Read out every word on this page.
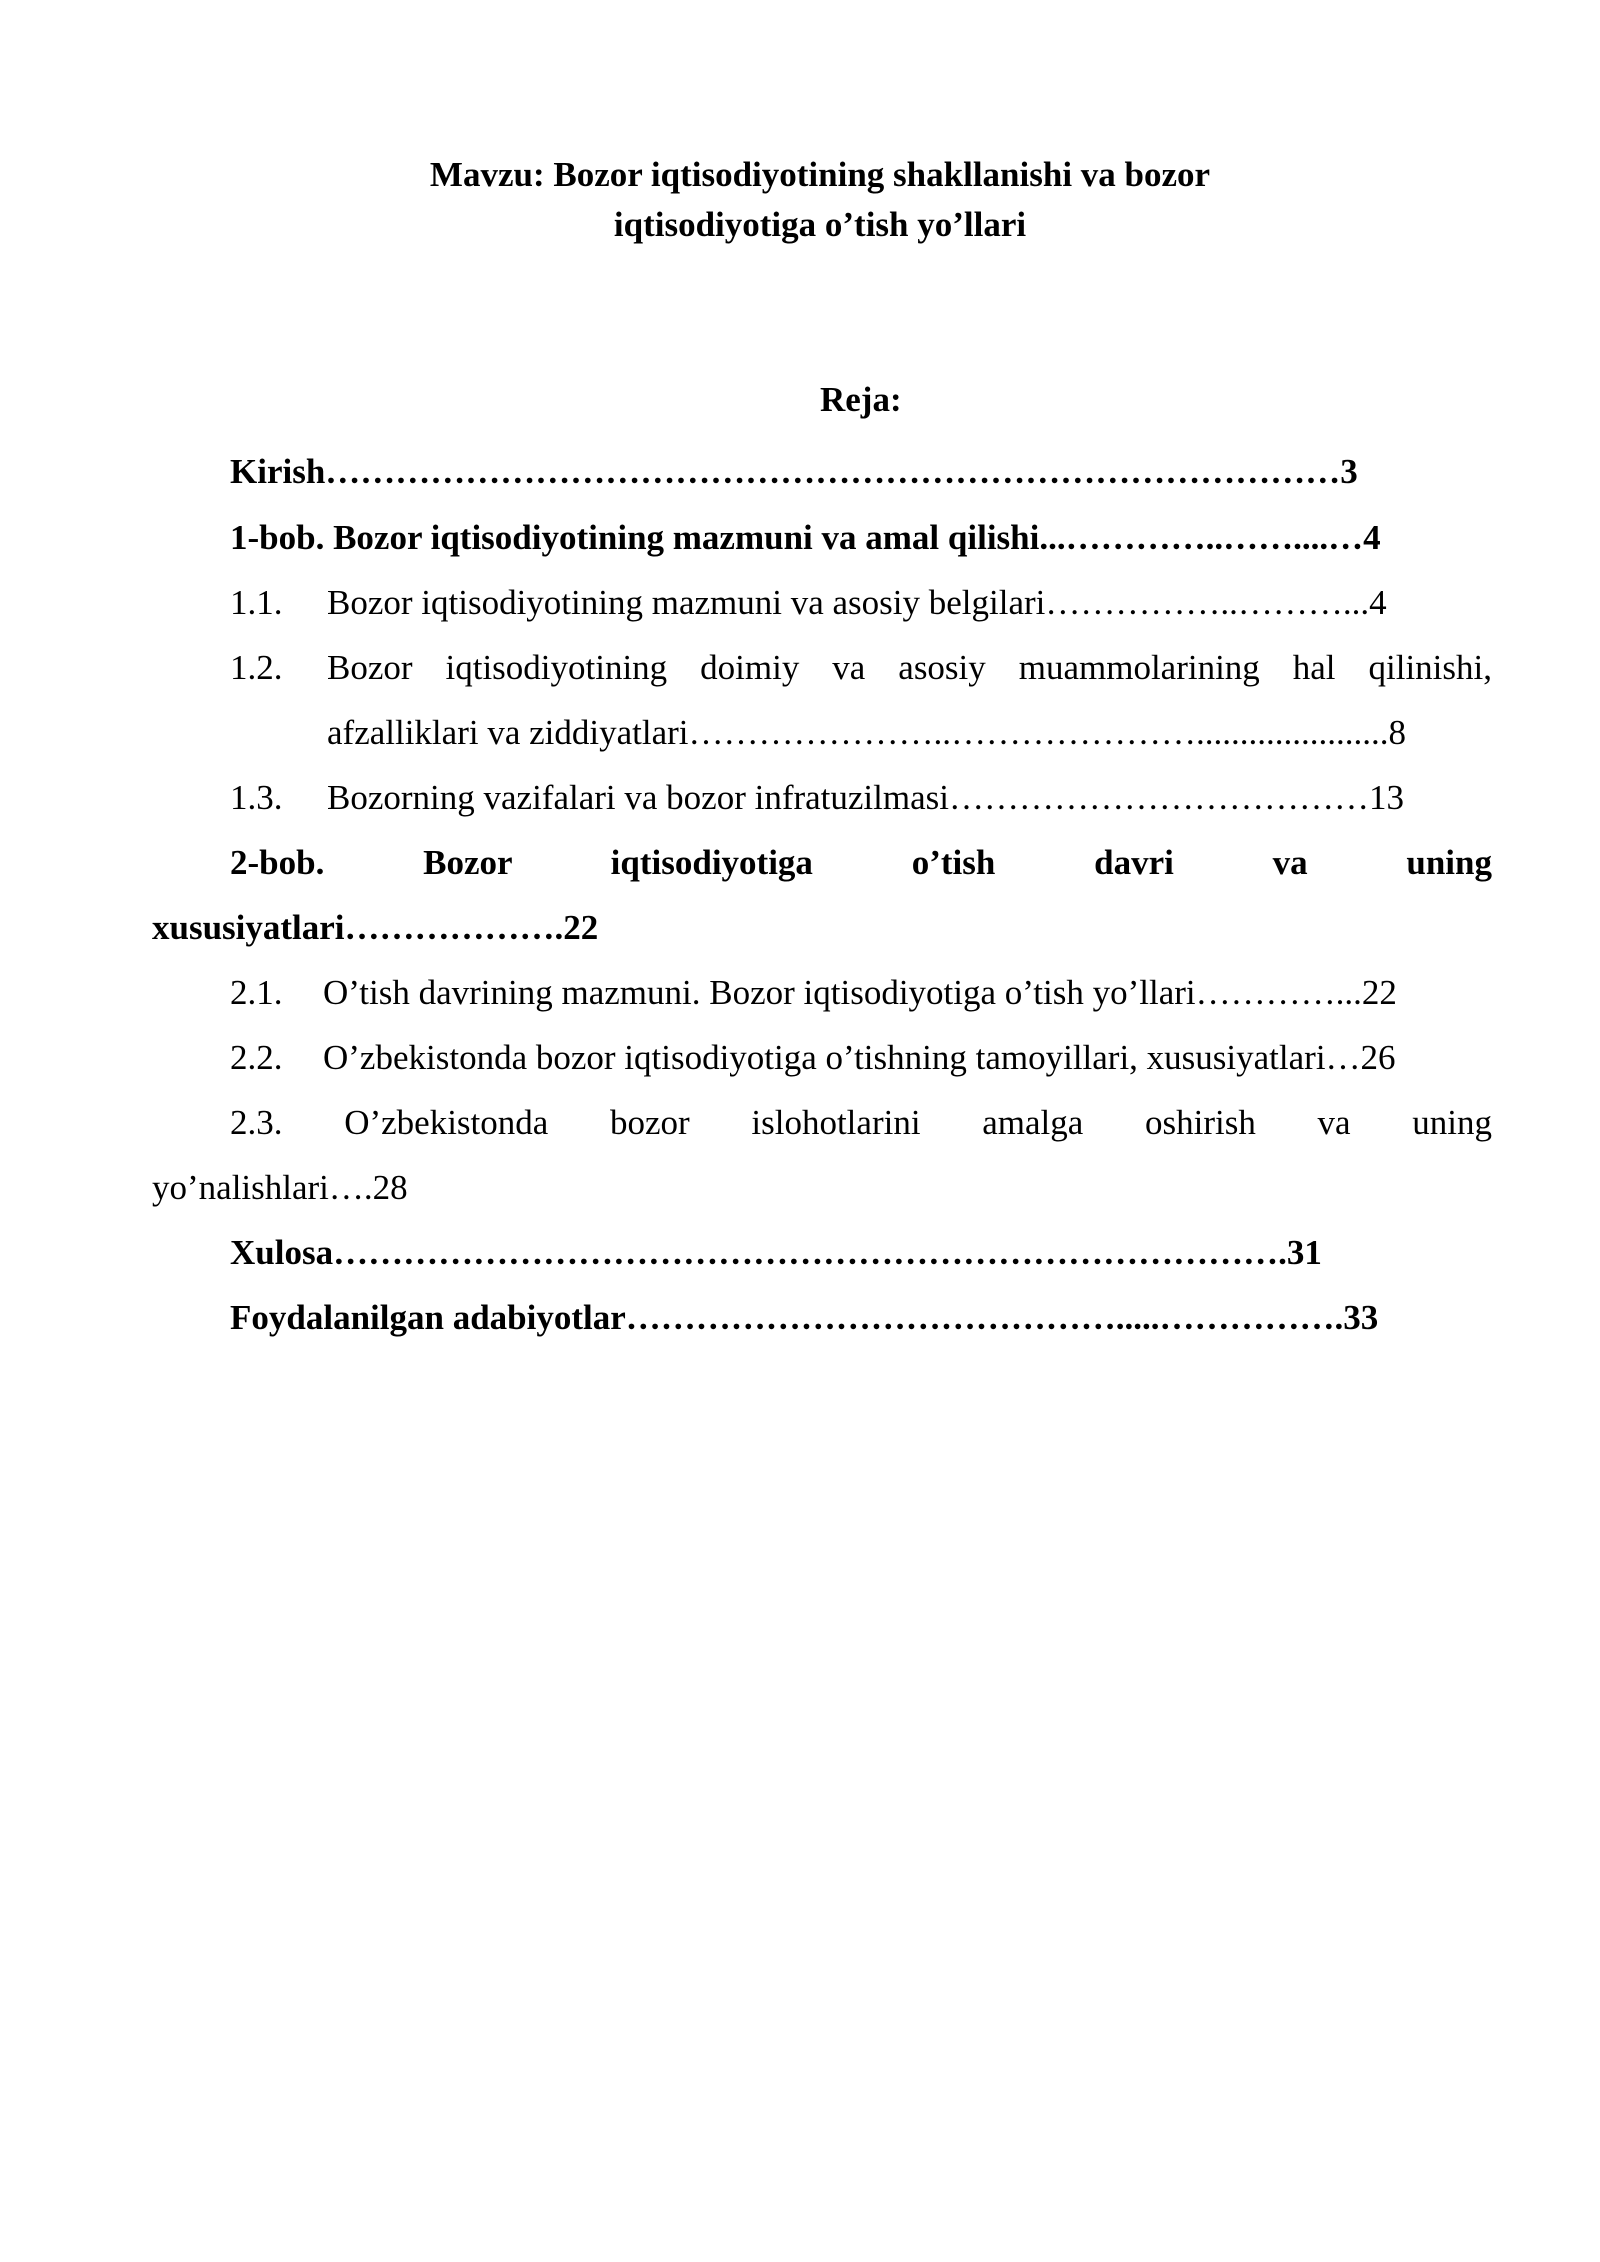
Mavzu: Bozor iqtisodiyotining shakllanishi va bozor
iqtisodiyotiga o’tish yo’llari
Reja:
Kirish……………………………………………………………………………3
1-bob. Bozor iqtisodiyotining mazmuni va amal qilishi...…………..……....…4
1.1. Bozor iqtisodiyotining mazmuni va asosiy belgilari……………..………...4
1.2. Bozor iqtisodiyotining doimiy va asosiy muammolarining hal qilinishi,
afzalliklari va ziddiyatlari…………………..…………………......................8
1.3. Bozorning vazifalari va bozor infratuzilmasi………………………………13
2-bob. Bozor iqtisodiyotiga o’tish davri va uning
xususiyatlari……………….22
2.1. O’tish davrining mazmuni. Bozor iqtisodiyotiga o’tish yo’llari…………...22
2.2. O’zbekistonda bozor iqtisodiyotiga o’tishning tamoyillari, xususiyatlari…26
2.3. O’zbekistonda bozor islohotlarini amalga oshirish va uning
yo’nalishlari….28
Xulosa……………………………………………………………………….31
Foydalanilgan adabiyotlar…………………………………….....…………….33
